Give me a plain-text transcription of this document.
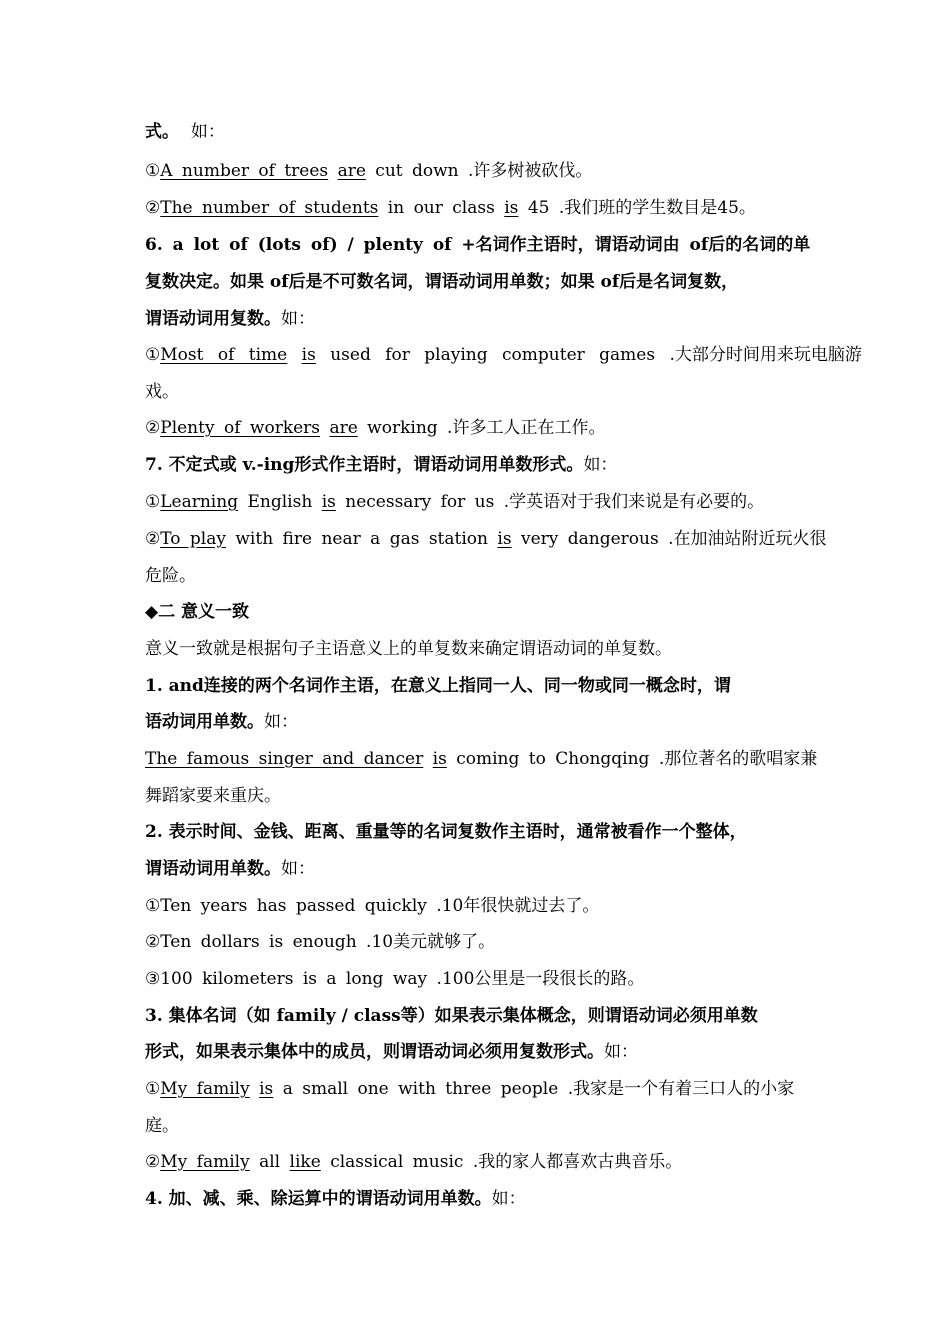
式。 如：
①A number of trees are cut down .许多树被砍伐。
②The number of students in our class is 45 .我们班的学生数目是45。
6. a lot of (lots of) / plenty of +名词作主语时，谓语动词由 of后的名词的单
复数决定。如果 of后是不可数名词，谓语动词用单数；如果 of后是名词复数，
谓语动词用复数。如：
①Most of time is used for playing computer games .大部分时间用来玩电脑游
戏。
②Plenty of workers are working .许多工人正在工作。
7. 不定式或 v.-ing形式作主语时，谓语动词用单数形式。如：
①Learning English is necessary for us .学英语对于我们来说是有必要的。
②To play with fire near a gas station is very dangerous .在加油站附近玩火很
危险。
◆二 意义一致
意义一致就是根据句子主语意义上的单复数来确定谓语动词的单复数。
1. and连接的两个名词作主语，在意义上指同一人、同一物或同一概念时，谓
语动词用单数。如：
The famous singer and dancer is coming to Chongqing .那位著名的歌唱家兼
舞蹈家要来重庆。
2. 表示时间、金钱、距离、重量等的名词复数作主语时，通常被看作一个整体，
谓语动词用单数。如：
①Ten years has passed quickly .10年很快就过去了。
②Ten dollars is enough .10美元就够了。
③100 kilometers is a long way .100公里是一段很长的路。
3. 集体名词（如 family / class等）如果表示集体概念，则谓语动词必须用单数
形式，如果表示集体中的成员，则谓语动词必须用复数形式。如：
①My family is a small one with three people .我家是一个有着三口人的小家
庭。
②My family all like classical music .我的家人都喜欢古典音乐。
4. 加、减、乘、除运算中的谓语动词用单数。如：
